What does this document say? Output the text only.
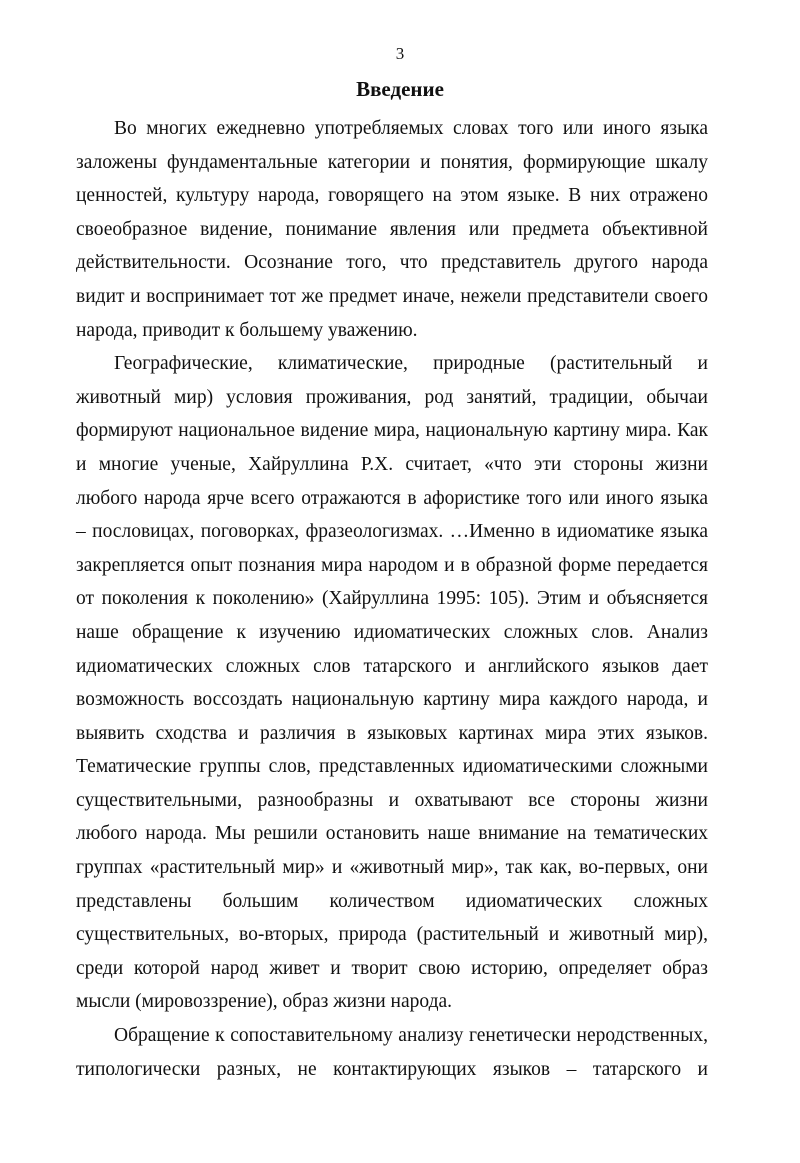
3
Введение
Во многих ежедневно употребляемых словах того или иного языка
заложены фундаментальные категории и понятия, формирующие шкалу
ценностей, культуру народа, говорящего на этом языке. В них отражено
своеобразное видение, понимание явления или предмета объективной
действительности. Осознание того, что представитель другого народа
видит и воспринимает тот же предмет иначе, нежели представители своего
народа, приводит к большему уважению.
Географические, климатические, природные (растительный и
животный мир) условия проживания, род занятий, традиции, обычаи
формируют национальное видение мира, национальную картину мира. Как
и многие ученые, Хайруллина Р.Х. считает, «что эти стороны жизни
любого народа ярче всего отражаются в афористике того или иного языка
– пословицах, поговорках, фразеологизмах. …Именно в идиоматике языка
закрепляется опыт познания мира народом и в образной форме передается
от поколения к поколению» (Хайруллина 1995: 105). Этим и объясняется
наше обращение к изучению идиоматических сложных слов. Анализ
идиоматических сложных слов татарского и английского языков дает
возможность воссоздать национальную картину мира каждого народа, и
выявить сходства и различия в языковых картинах мира этих языков.
Тематические группы слов, представленных идиоматическими сложными
существительными, разнообразны и охватывают все стороны жизни
любого народа. Мы решили остановить наше внимание на тематических
группах «растительный мир» и «животный мир», так как, во-первых, они
представлены большим количеством идиоматических сложных
существительных, во-вторых, природа (растительный и животный мир),
среди которой народ живет и творит свою историю, определяет образ
мысли (мировоззрение), образ жизни народа.
Обращение к сопоставительному анализу генетически неродственных,
типологически разных, не контактирующих языков – татарского и
